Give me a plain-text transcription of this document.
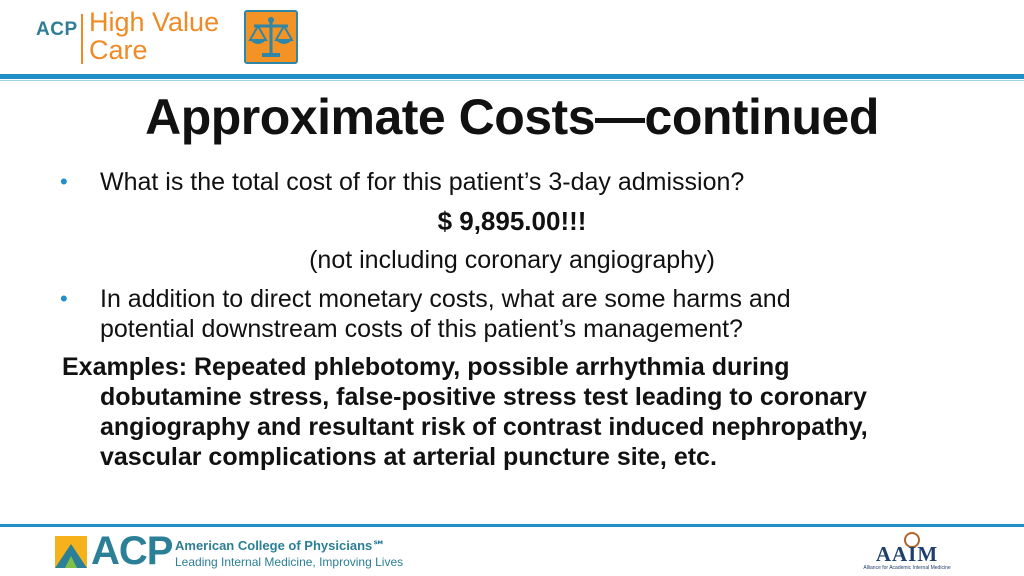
ACP High Value
Care
Approximate Costs—continued
• What is the total cost of for this patient’s 3-day admission?
$ 9,895.00!!!
(not including coronary angiography)
• In addition to direct monetary costs, what are some harms and
potential downstream costs of this patient’s management?
Examples: Repeated phlebotomy, possible arrhythmia during
dobutamine stress, false-positive stress test leading to coronary
angiography and resultant risk of contrast induced nephropathy,
vascular complications at arterial puncture site, etc.
ACP American College of Physicians℠
Leading Internal Medicine, Improving Lives	AAIM
Alliance for Academic Internal Medicine
